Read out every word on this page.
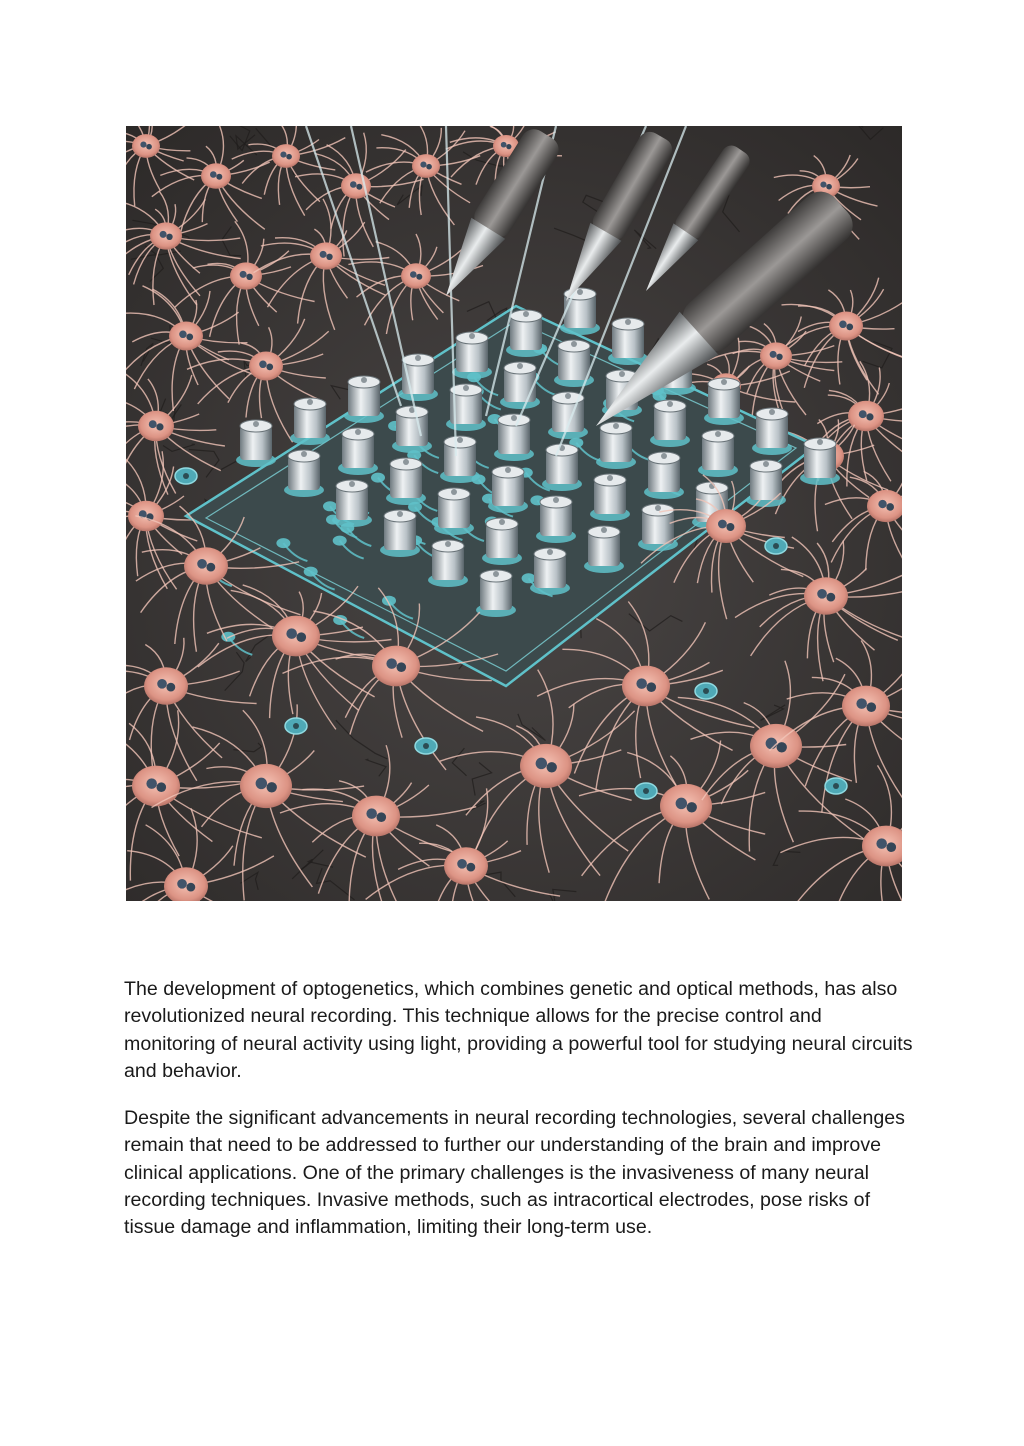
The development of optogenetics, which combines genetic and optical methods, has also revolutionized neural recording. This technique allows for the precise control and monitoring of neural activity using light, providing a powerful tool for studying neural circuits and behavior.

Despite the significant advancements in neural recording technologies, several challenges remain that need to be addressed to further our understanding of the brain and improve clinical applications. One of the primary challenges is the invasiveness of many neural recording techniques. Invasive methods, such as intracortical electrodes, pose risks of tissue damage and inflammation, limiting their long-term use.
